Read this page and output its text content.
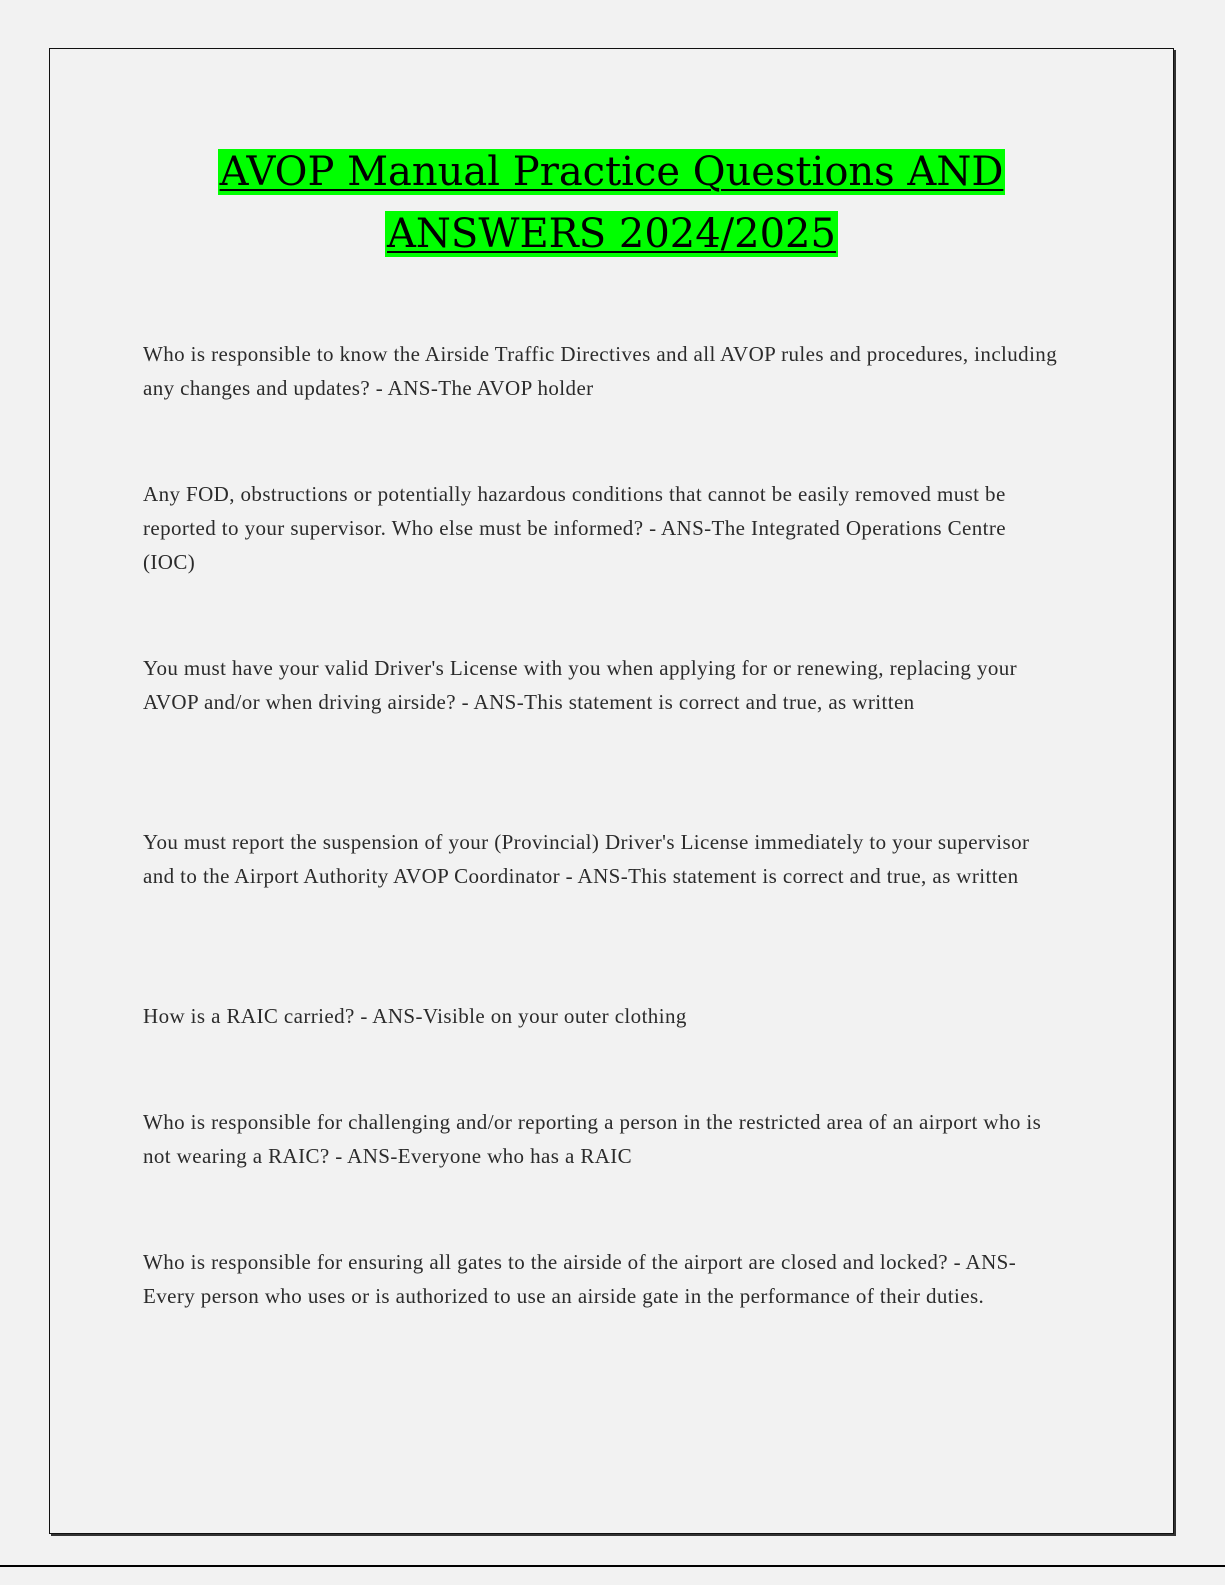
AVOP Manual Practice Questions AND
ANSWERS 2024/2025

Who is responsible to know the Airside Traffic Directives and all AVOP rules and procedures, including any changes and updates? - ANS-The AVOP holder

Any FOD, obstructions or potentially hazardous conditions that cannot be easily removed must be reported to your supervisor. Who else must be informed? - ANS-The Integrated Operations Centre (IOC)

You must have your valid Driver's License with you when applying for or renewing, replacing your AVOP and/or when driving airside? - ANS-This statement is correct and true, as written

You must report the suspension of your (Provincial) Driver's License immediately to your supervisor and to the Airport Authority AVOP Coordinator - ANS-This statement is correct and true, as written

How is a RAIC carried? - ANS-Visible on your outer clothing

Who is responsible for challenging and/or reporting a person in the restricted area of an airport who is not wearing a RAIC? - ANS-Everyone who has a RAIC

Who is responsible for ensuring all gates to the airside of the airport are closed and locked? - ANS-Every person who uses or is authorized to use an airside gate in the performance of their duties.
